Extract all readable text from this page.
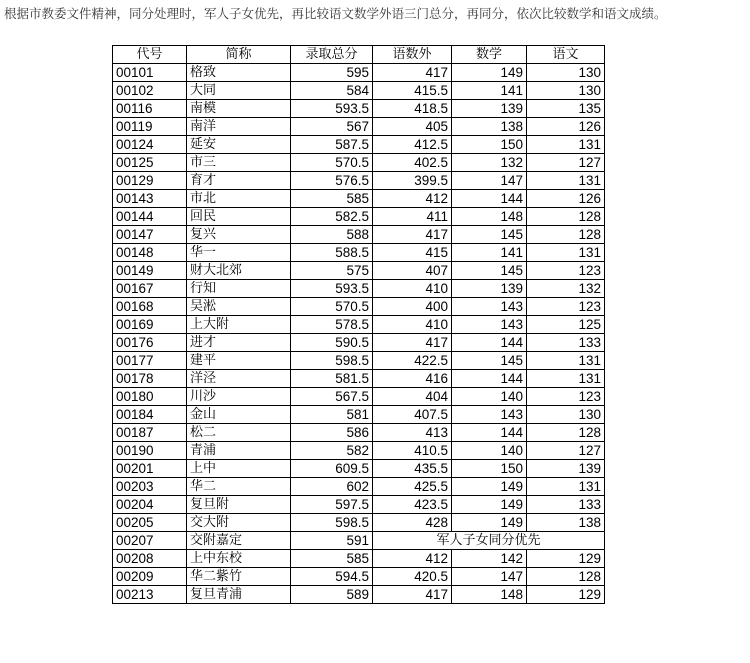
根据市教委文件精神，同分处理时，军人子女优先，再比较语文数学外语三门总分，再同分，依次比较数学和语文成绩。
代号	简称	录取总分	语数外	数学	语文
00101	格致	595	417	149	130
00102	大同	584	415.5	141	130
00116	南模	593.5	418.5	139	135
00119	南洋	567	405	138	126
00124	延安	587.5	412.5	150	131
00125	市三	570.5	402.5	132	127
00129	育才	576.5	399.5	147	131
00143	市北	585	412	144	126
00144	回民	582.5	411	148	128
00147	复兴	588	417	145	128
00148	华一	588.5	415	141	131
00149	财大北郊	575	407	145	123
00167	行知	593.5	410	139	132
00168	吴淞	570.5	400	143	123
00169	上大附	578.5	410	143	125
00176	进才	590.5	417	144	133
00177	建平	598.5	422.5	145	131
00178	洋泾	581.5	416	144	131
00180	川沙	567.5	404	140	123
00184	金山	581	407.5	143	130
00187	松二	586	413	144	128
00190	青浦	582	410.5	140	127
00201	上中	609.5	435.5	150	139
00203	华二	602	425.5	149	131
00204	复旦附	597.5	423.5	149	133
00205	交大附	598.5	428	149	138
00207	交附嘉定	591	军人子女同分优先		
00208	上中东校	585	412	142	129
00209	华二紫竹	594.5	420.5	147	128
00213	复旦青浦	589	417	148	129
